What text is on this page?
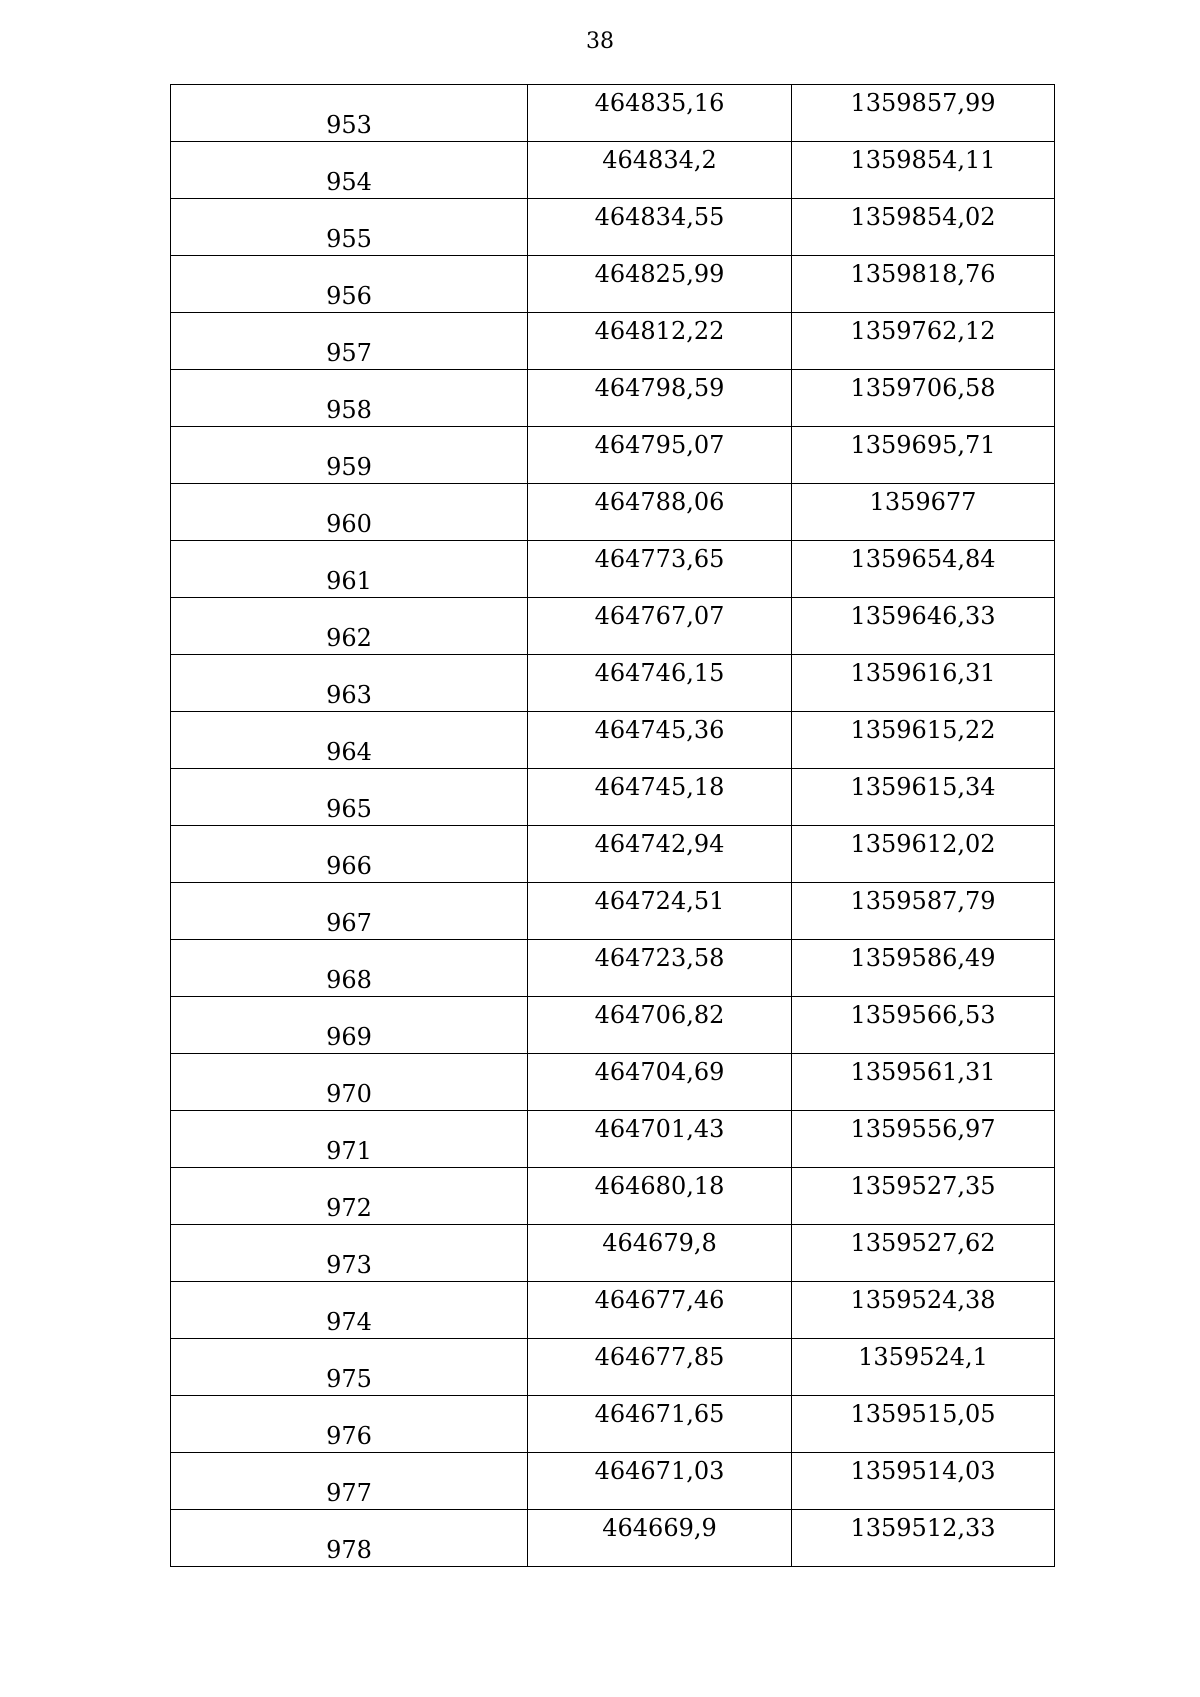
38
953	464835,16	1359857,99
954	464834,2	1359854,11
955	464834,55	1359854,02
956	464825,99	1359818,76
957	464812,22	1359762,12
958	464798,59	1359706,58
959	464795,07	1359695,71
960	464788,06	1359677
961	464773,65	1359654,84
962	464767,07	1359646,33
963	464746,15	1359616,31
964	464745,36	1359615,22
965	464745,18	1359615,34
966	464742,94	1359612,02
967	464724,51	1359587,79
968	464723,58	1359586,49
969	464706,82	1359566,53
970	464704,69	1359561,31
971	464701,43	1359556,97
972	464680,18	1359527,35
973	464679,8	1359527,62
974	464677,46	1359524,38
975	464677,85	1359524,1
976	464671,65	1359515,05
977	464671,03	1359514,03
978	464669,9	1359512,33
